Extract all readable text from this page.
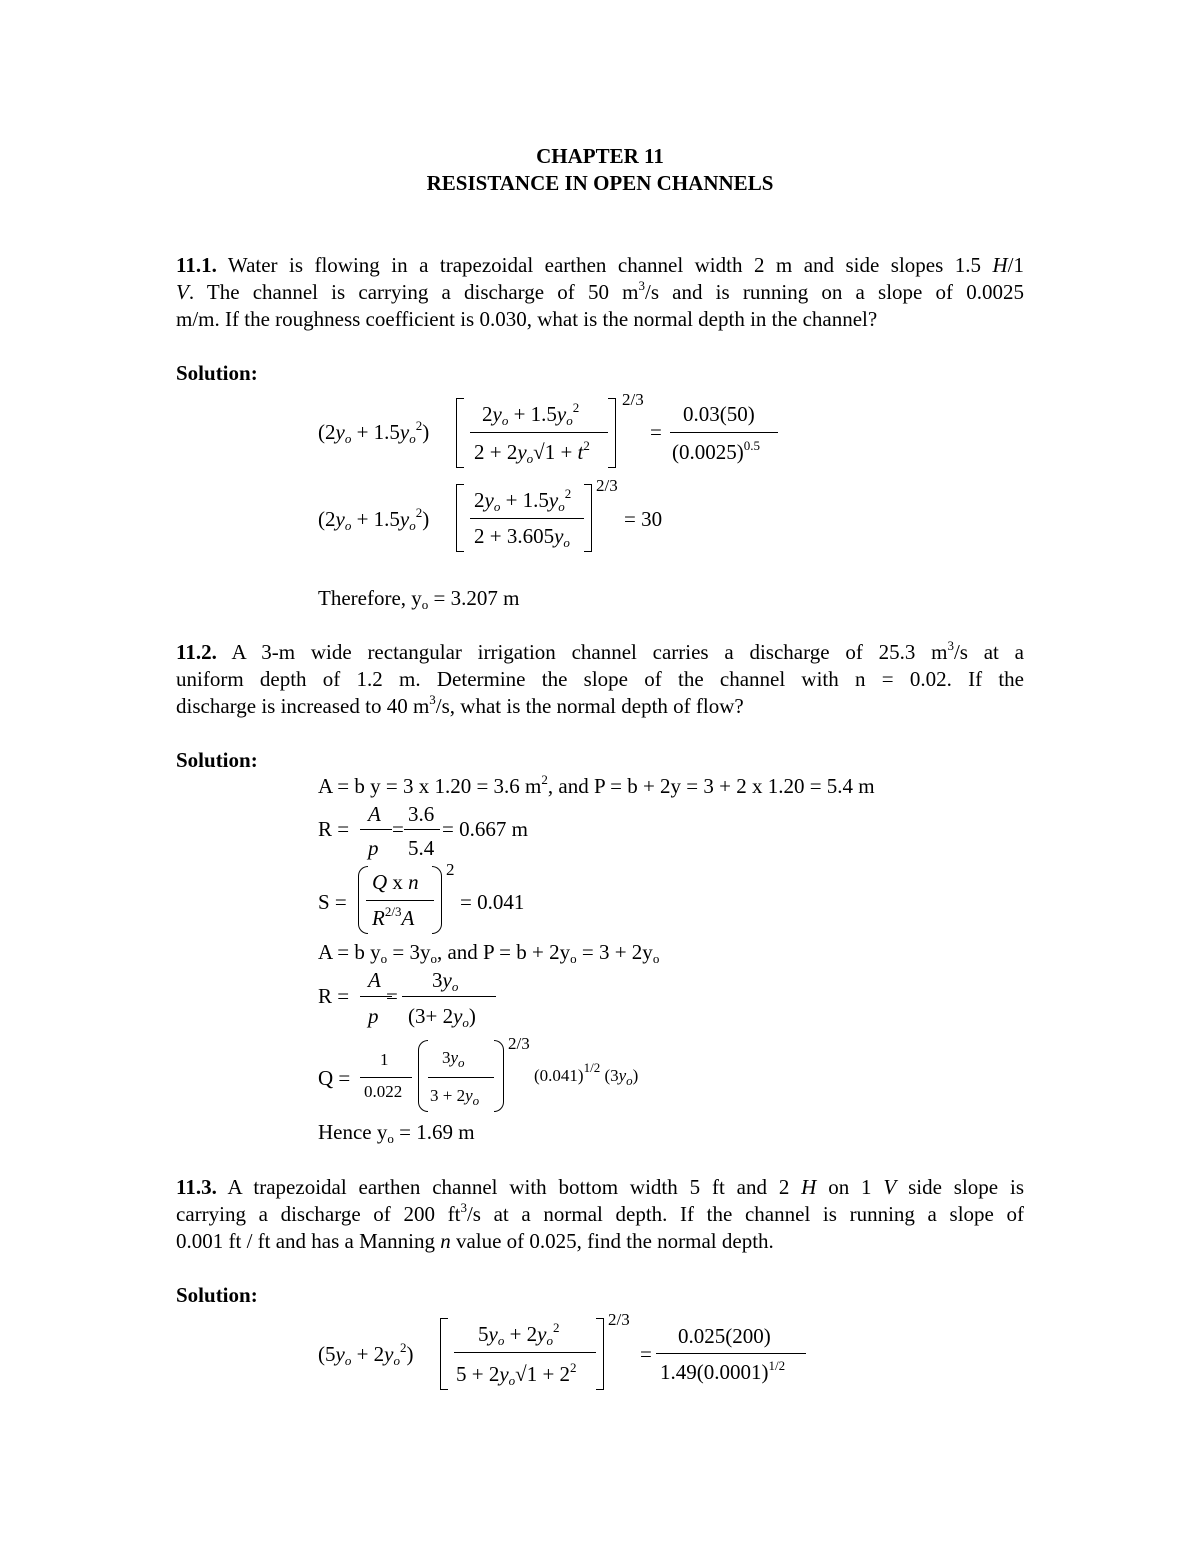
CHAPTER 11
RESISTANCE IN OPEN CHANNELS
11.1. Water is flowing in a trapezoidal earthen channel width 2 m and side slopes 1.5 H/1
V. The channel is carrying a discharge of 50 $m^3/s$ and is running on a slope of 0.0025
m/m. If the roughness coefficient is 0.030, what is the normal depth in the channel?
Solution:
$(2y_o + 1.5y_o^2)$
$2y_o + 1.5y_o^2$
$2 + 2y_o√1 + t^2$
2/3
=
0.03(50)
$(0.0025)^{0.5}$
$(2y_o + 1.5y_o^2)$
$2y_o + 1.5y_o^2$
$2 + 3.605y_o$
2/3
= 30
Therefore, $y_o = 3.207$ m
11.2. A 3-m wide rectangular irrigation channel carries a discharge of 25.3 $m^3/s$ at a
uniform depth of 1.2 m. Determine the slope of the channel with n = 0.02. If the
discharge is increased to 40 $m^3/s$, what is the normal depth of flow?
Solution:
A = b y = 3 x 1.20 = 3.6 $m^2$, and P = b + 2y = 3 + 2 x 1.20 = 5.4 m
R =
A
p
=
3.6
5.4
= 0.667 m
S =
Q x n
$R^{2/3}A$
2
= 0.041
A = b $y_o = 3y_o$, and $P = b + 2y_o = 3 + 2y_o$
R =
A
p
=
$3y_o$
$(3+ 2y_o)$
Q =
1
0.022
$3y_o$
$3 + 2y_o$
2/3
$(0.041)^{1/2}$ $(3y_o)$
Hence $y_o = 1.69$ m
11.3. A trapezoidal earthen channel with bottom width 5 ft and 2 H on 1 V side slope is
carrying a discharge of 200 $ft^3/s$ at a normal depth. If the channel is running a slope of
0.001 ft / ft and has a Manning n value of 0.025, find the normal depth.
Solution:
$(5y_o + 2y_o^2)$
$5y_o + 2y_o^2$
$5 + 2y_o√1 + 2^2$
2/3
=
0.025(200)
$1.49(0.0001)^{1/2}$
